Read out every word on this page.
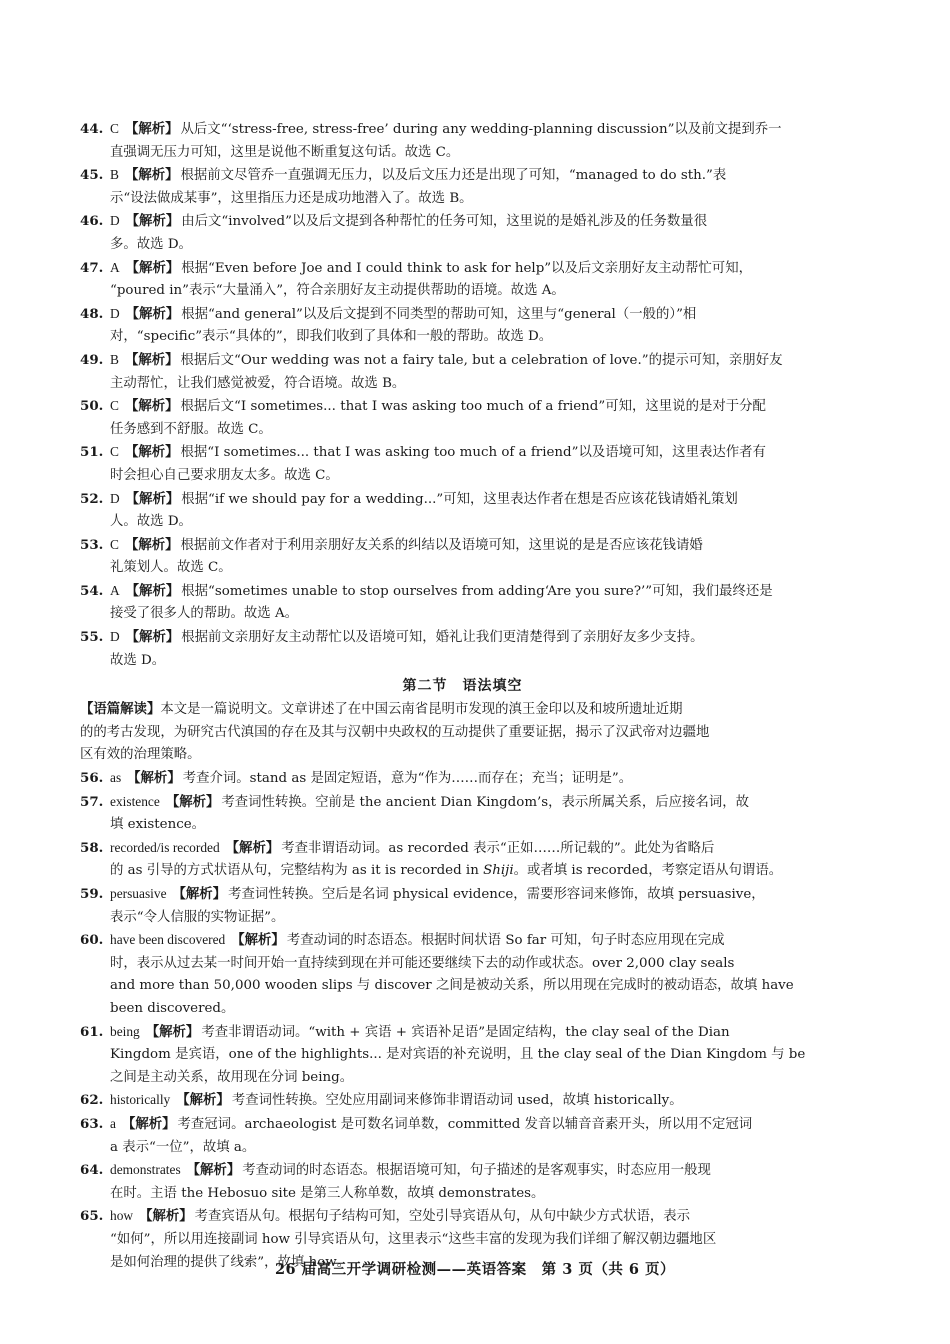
44. C 【解析】 从后文“‘stress-free, stress-free’ during any wedding-planning discussion”以及前文提到乔一
直强调无压力可知，这里是说他不断重复这句话。故选 C。
45. B 【解析】 根据前文尽管乔一直强调无压力，以及后文压力还是出现了可知，“managed to do sth.”表
示“设法做成某事”，这里指压力还是成功地潜入了。故选 B。
46. D 【解析】 由后文“involved”以及后文提到各种帮忙的任务可知，这里说的是婚礼涉及的任务数量很
多。故选 D。
47. A 【解析】 根据“Even before Joe and I could think to ask for help”以及后文亲朋好友主动帮忙可知，
“poured in”表示“大量涌入”，符合亲朋好友主动提供帮助的语境。故选 A。
48. D 【解析】 根据“and general”以及后文提到不同类型的帮助可知，这里与“general（一般的）”相
对，“specific”表示“具体的”，即我们收到了具体和一般的帮助。故选 D。
49. B 【解析】 根据后文“Our wedding was not a fairy tale, but a celebration of love.”的提示可知，亲朋好友
主动帮忙，让我们感觉被爱，符合语境。故选 B。
50. C 【解析】 根据后文“I sometimes... that I was asking too much of a friend”可知，这里说的是对于分配
任务感到不舒服。故选 C。
51. C 【解析】 根据“I sometimes... that I was asking too much of a friend”以及语境可知，这里表达作者有
时会担心自己要求朋友太多。故选 C。
52. D 【解析】 根据“if we should pay for a wedding...”可知，这里表达作者在想是否应该花钱请婚礼策划
人。故选 D。
53. C 【解析】 根据前文作者对于利用亲朋好友关系的纠结以及语境可知，这里说的是是否应该花钱请婚
礼策划人。故选 C。
54. A 【解析】 根据“sometimes unable to stop ourselves from adding‘Are you sure?’”可知，我们最终还是
接受了很多人的帮助。故选 A。
55. D 【解析】 根据前文亲朋好友主动帮忙以及语境可知，婚礼让我们更清楚得到了亲朋好友多少支持。
故选 D。
第二节　语法填空
【语篇解读】本文是一篇说明文。文章讲述了在中国云南省昆明市发现的滇王金印以及和坡所遗址近期
的的考古发现，为研究古代滇国的存在及其与汉朝中央政权的互动提供了重要证据，揭示了汉武帝对边疆地
区有效的治理策略。
56. as 【解析】 考查介词。stand as 是固定短语，意为“作为……而存在；充当；证明是”。
57. existence 【解析】 考查词性转换。空前是 the ancient Dian Kingdom’s，表示所属关系，后应接名词，故
填 existence。
58. recorded/is recorded 【解析】 考查非谓语动词。as recorded 表示“正如……所记载的”。此处为省略后
的 as 引导的方式状语从句，完整结构为 as it is recorded in Shiji。或者填 is recorded，考察定语从句谓语。
59. persuasive 【解析】 考查词性转换。空后是名词 physical evidence，需要形容词来修饰，故填 persuasive，
表示“令人信服的实物证据”。
60. have been discovered 【解析】 考查动词的时态语态。根据时间状语 So far 可知，句子时态应用现在完成
时，表示从过去某一时间开始一直持续到现在并可能还要继续下去的动作或状态。over 2,000 clay seals
and more than 50,000 wooden slips 与 discover 之间是被动关系，所以用现在完成时的被动语态，故填 have
been discovered。
61. being 【解析】 考查非谓语动词。“with + 宾语 + 宾语补足语”是固定结构，the clay seal of the Dian
Kingdom 是宾语，one of the highlights... 是对宾语的补充说明，且 the clay seal of the Dian Kingdom 与 be
之间是主动关系，故用现在分词 being。
62. historically 【解析】 考查词性转换。空处应用副词来修饰非谓语动词 used，故填 historically。
63. a 【解析】 考查冠词。archaeologist 是可数名词单数，committed 发音以辅音音素开头，所以用不定冠词
a 表示“一位”，故填 a。
64. demonstrates 【解析】 考查动词的时态语态。根据语境可知，句子描述的是客观事实，时态应用一般现
在时。主语 the Hebosuo site 是第三人称单数，故填 demonstrates。
65. how 【解析】 考查宾语从句。根据句子结构可知，空处引导宾语从句，从句中缺少方式状语，表示
“如何”，所以用连接副词 how 引导宾语从句，这里表示“这些丰富的发现为我们详细了解汉朝边疆地区
是如何治理的提供了线索”，故填 how。
26 届高三开学调研检测——英语答案　第 3 页（共 6 页）
